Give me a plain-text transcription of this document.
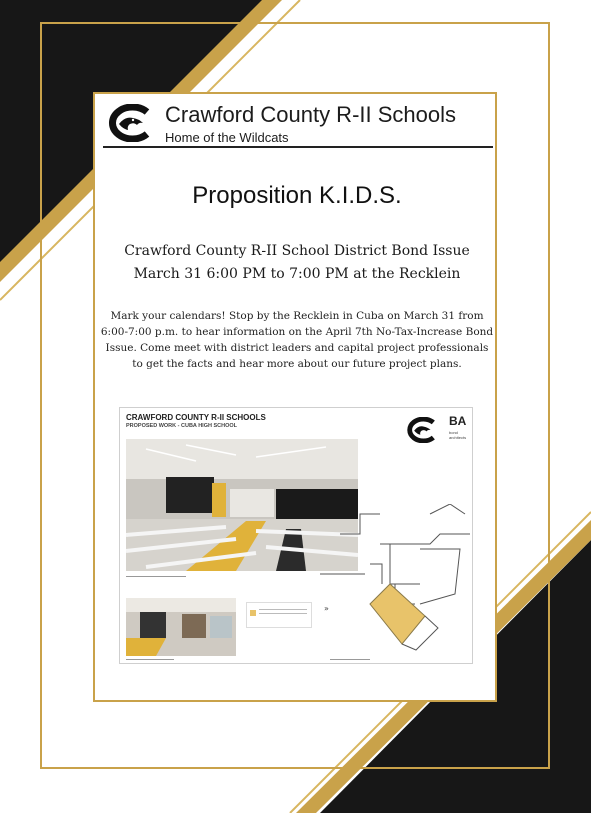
Crawford County R-II Schools
Home of the Wildcats
Proposition K.I.D.S.
Crawford County R-II School District Bond Issue
March 31 6:00 PM to 7:00 PM at the Recklein
Mark your calendars! Stop by the Recklein in Cuba on March 31 from 6:00-7:00 p.m. to hear information on the April 7th No-Tax-Increase Bond Issue. Come meet with district leaders and capital project professionals to get the facts and hear more about our future project plans.
CRAWFORD COUNTY R-II SCHOOLS
PROPOSED WORK - CUBA HIGH SCHOOL	BA
bond architects
»
